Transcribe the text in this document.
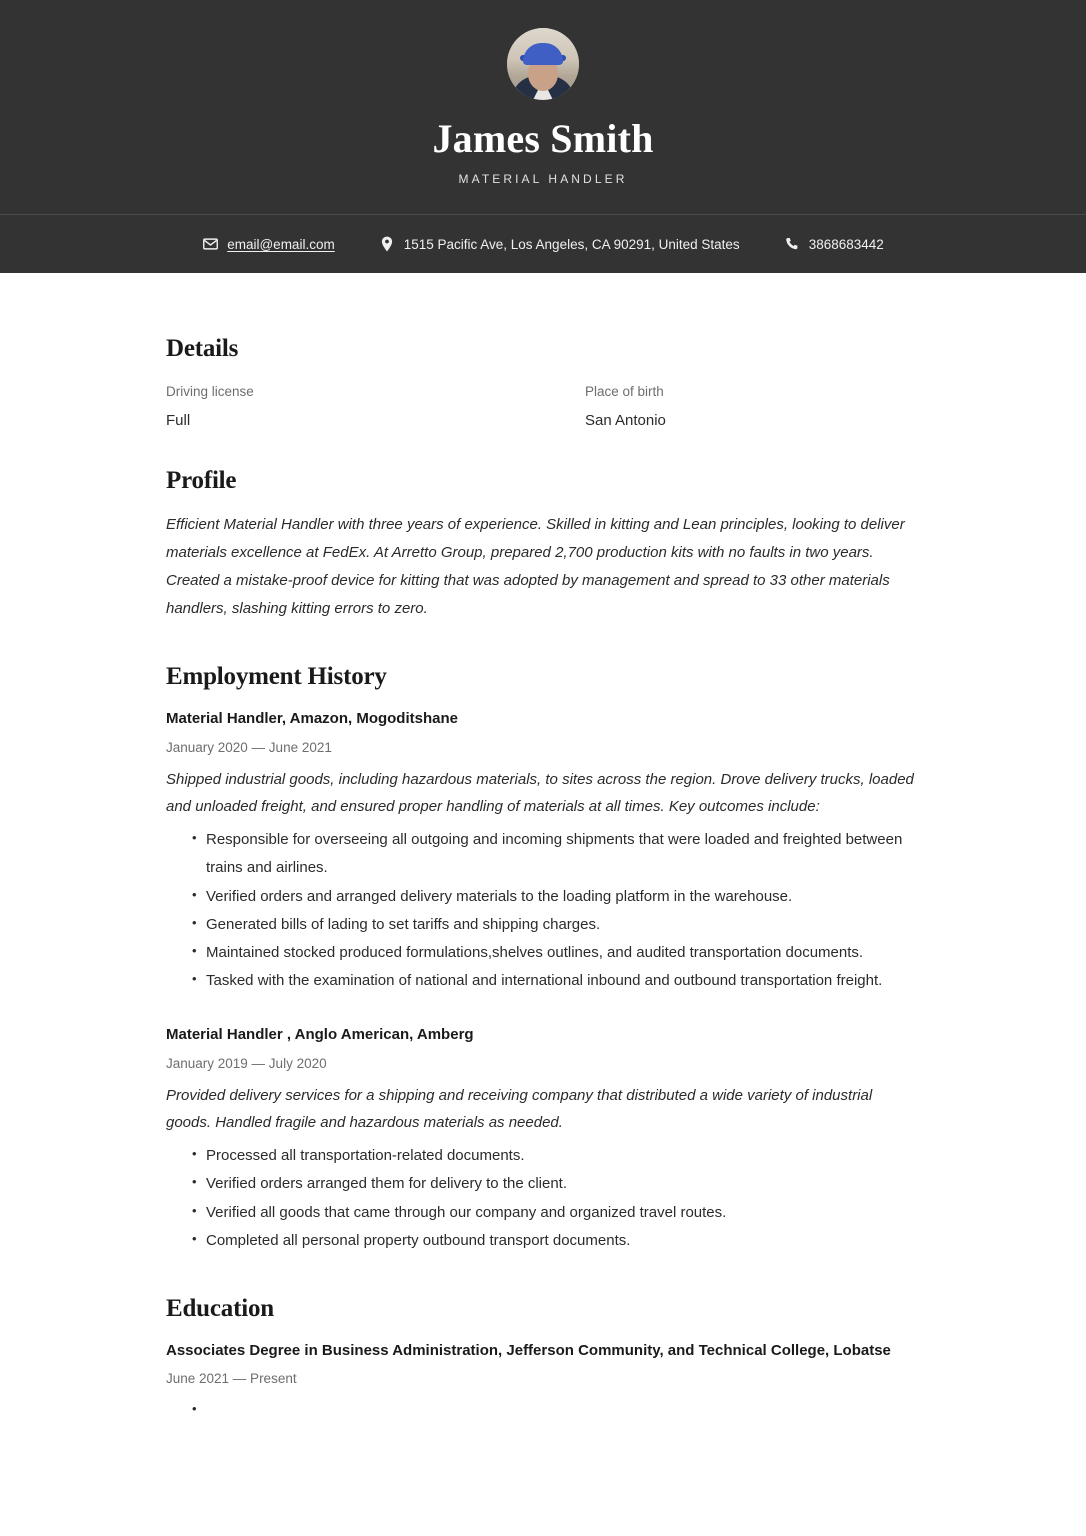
James Smith

MATERIAL HANDLER

email@email.com	1515 Pacific Ave, Los Angeles, CA 90291, United States	3868683442
Details
Driving license	Place of birth
Full	San Antonio
Profile

Efficient Material Handler with three years of experience. Skilled in kitting and Lean principles, looking to deliver materials excellence at FedEx. At Arretto Group, prepared 2,700 production kits with no faults in two years. Created a mistake-proof device for kitting that was adopted by management and spread to 33 other materials handlers, slashing kitting errors to zero.

Employment History
Material Handler, Amazon, Mogoditshane
January 2020 — June 2021

Shipped industrial goods, including hazardous materials, to sites across the region. Drove delivery trucks, loaded and unloaded freight, and ensured proper handling of materials at all times. Key outcomes include:

• Responsible for overseeing all outgoing and incoming shipments that were loaded and freighted between trains and airlines.
• Verified orders and arranged delivery materials to the loading platform in the warehouse.
• Generated bills of lading to set tariffs and shipping charges.
• Maintained stocked produced formulations,shelves outlines, and audited transportation documents.
• Tasked with the examination of national and international inbound and outbound transportation freight.
Material Handler , Anglo American, Amberg
January 2019 — July 2020

Provided delivery services for a shipping and receiving company that distributed a wide variety of industrial goods. Handled fragile and hazardous materials as needed.

• Processed all transportation-related documents.
• Verified orders arranged them for delivery to the client.
• Verified all goods that came through our company and organized travel routes.
• Completed all personal property outbound transport documents.
Education
Associates Degree in Business Administration, Jefferson Community, and Technical College, Lobatse
June 2021 — Present
•
